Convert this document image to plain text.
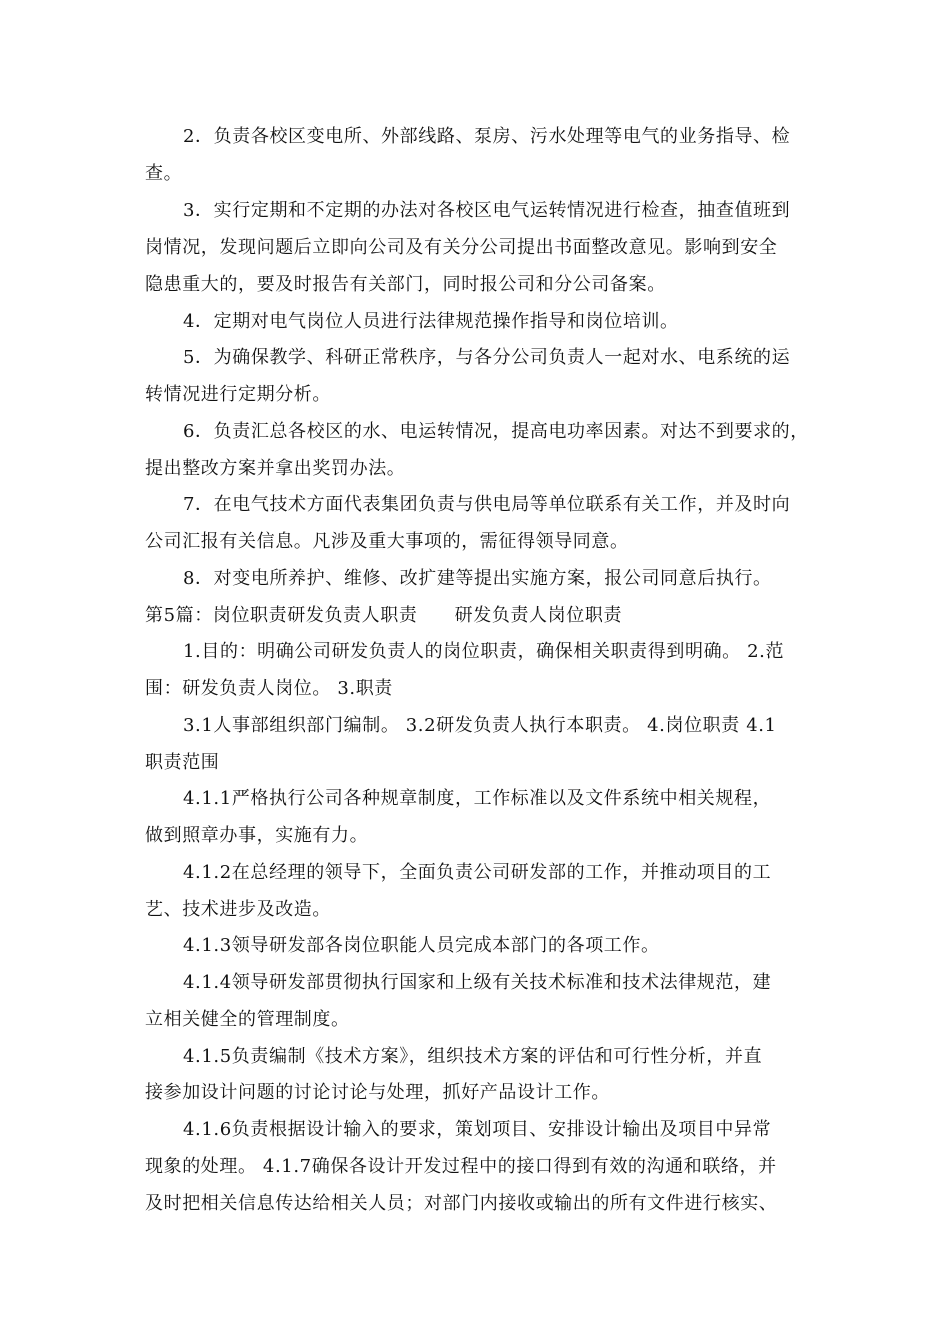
2．负责各校区变电所、外部线路、泵房、污水处理等电气的业务指导、检
查。
3．实行定期和不定期的办法对各校区电气运转情况进行检查，抽查值班到
岗情况，发现问题后立即向公司及有关分公司提出书面整改意见。影响到安全
隐患重大的，要及时报告有关部门，同时报公司和分公司备案。
4．定期对电气岗位人员进行法律规范操作指导和岗位培训。
5．为确保教学、科研正常秩序，与各分公司负责人一起对水、电系统的运
转情况进行定期分析。
6．负责汇总各校区的水、电运转情况，提高电功率因素。对达不到要求的，
提出整改方案并拿出奖罚办法。
7．在电气技术方面代表集团负责与供电局等单位联系有关工作，并及时向
公司汇报有关信息。凡涉及重大事项的，需征得领导同意。
8．对变电所养护、维修、改扩建等提出实施方案，报公司同意后执行。
第5篇：岗位职责研发负责人职责　　研发负责人岗位职责
1.目的：明确公司研发负责人的岗位职责，确保相关职责得到明确。 2.范
围：研发负责人岗位。 3.职责
3.1人事部组织部门编制。 3.2研发负责人执行本职责。 4.岗位职责 4.1
职责范围
4.1.1严格执行公司各种规章制度，工作标准以及文件系统中相关规程，
做到照章办事，实施有力。
4.1.2在总经理的领导下，全面负责公司研发部的工作，并推动项目的工
艺、技术进步及改造。
4.1.3领导研发部各岗位职能人员完成本部门的各项工作。
4.1.4领导研发部贯彻执行国家和上级有关技术标准和技术法律规范，建
立相关健全的管理制度。
4.1.5负责编制《技术方案》，组织技术方案的评估和可行性分析，并直
接参加设计问题的讨论讨论与处理，抓好产品设计工作。
4.1.6负责根据设计输入的要求，策划项目、安排设计输出及项目中异常
现象的处理。 4.1.7确保各设计开发过程中的接口得到有效的沟通和联络，并
及时把相关信息传达给相关人员；对部门内接收或输出的所有文件进行核实、
